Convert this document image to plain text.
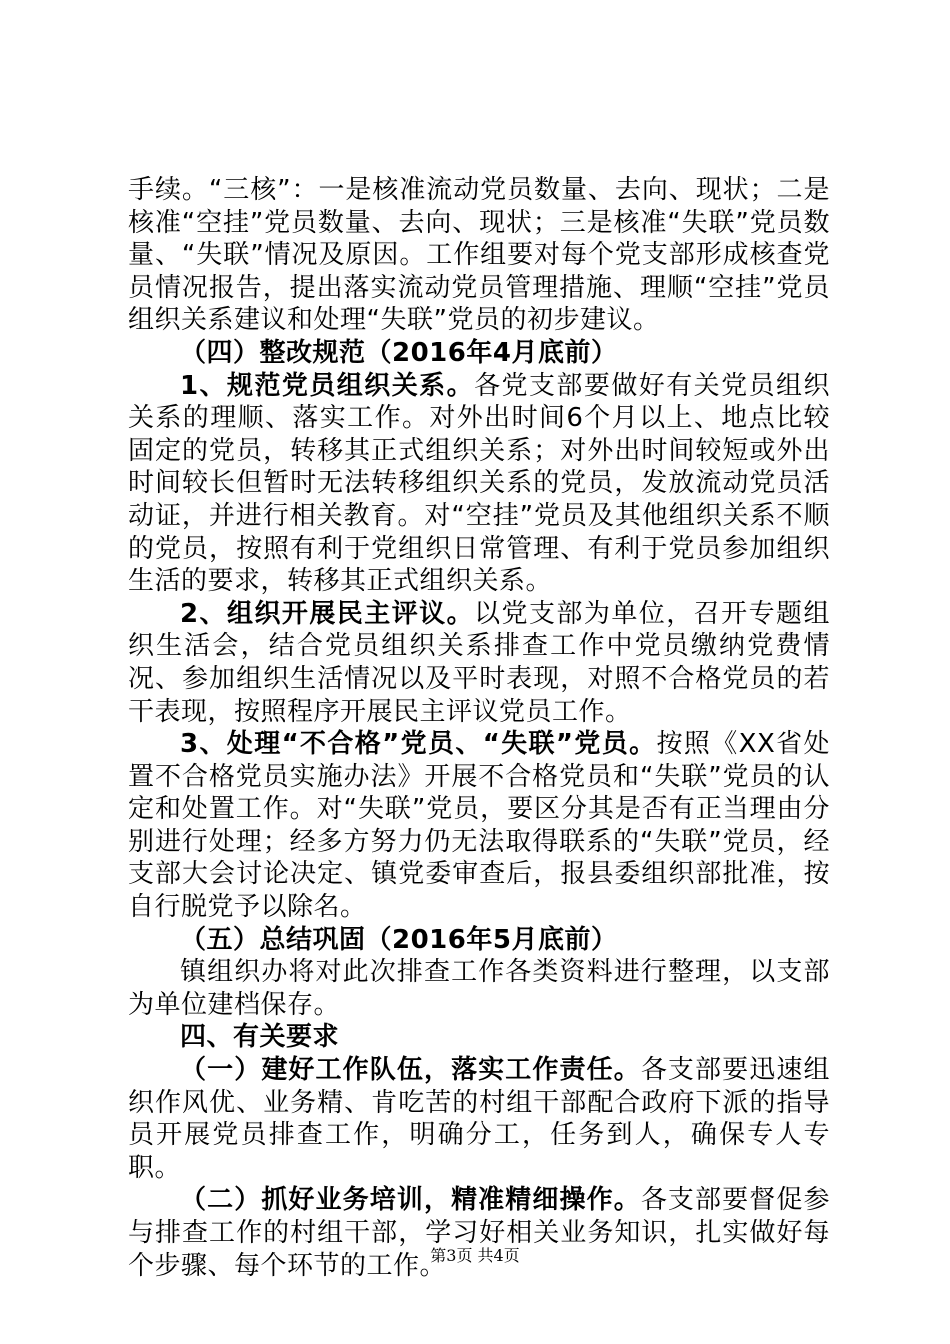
手续。“三核”：一是核准流动党员数量、去向、现状；二是核准“空挂”党员数量、去向、现状；三是核准“失联”党员数量、“失联”情况及原因。工作组要对每个党支部形成核查党员情况报告，提出落实流动党员管理措施、理顺“空挂”党员组织关系建议和处理“失联”党员的初步建议。

（四）整改规范（2016年4月底前）

1、规范党员组织关系。各党支部要做好有关党员组织关系的理顺、落实工作。对外出时间6个月以上、地点比较固定的党员，转移其正式组织关系；对外出时间较短或外出时间较长但暂时无法转移组织关系的党员，发放流动党员活动证，并进行相关教育。对“空挂”党员及其他组织关系不顺的党员，按照有利于党组织日常管理、有利于党员参加组织生活的要求，转移其正式组织关系。

2、组织开展民主评议。以党支部为单位，召开专题组织生活会，结合党员组织关系排查工作中党员缴纳党费情况、参加组织生活情况以及平时表现，对照不合格党员的若干表现，按照程序开展民主评议党员工作。

3、处理“不合格”党员、“失联”党员。按照《XX省处置不合格党员实施办法》开展不合格党员和“失联”党员的认定和处置工作。对“失联”党员，要区分其是否有正当理由分别进行处理；经多方努力仍无法取得联系的“失联”党员，经支部大会讨论决定、镇党委审查后，报县委组织部批准，按自行脱党予以除名。

（五）总结巩固（2016年5月底前）

镇组织办将对此次排查工作各类资料进行整理，以支部为单位建档保存。

四、有关要求

（一）建好工作队伍，落实工作责任。各支部要迅速组织作风优、业务精、肯吃苦的村组干部配合政府下派的指导员开展党员排查工作，明确分工，任务到人，确保专人专职。

（二）抓好业务培训，精准精细操作。各支部要督促参与排查工作的村组干部，学习好相关业务知识，扎实做好每个步骤、每个环节的工作。

第3页 共4页
